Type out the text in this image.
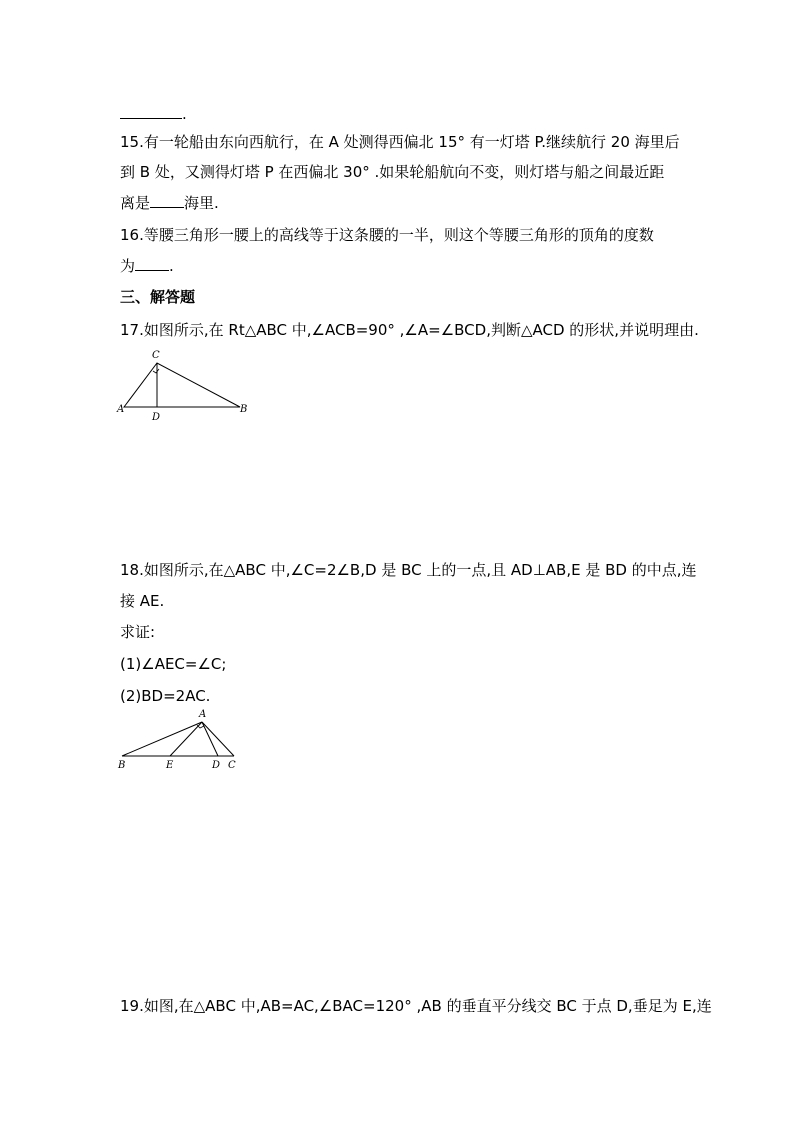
.
15.有一轮船由东向西航行，在 A 处测得西偏北 15° 有一灯塔 P.继续航行 20 海里后
到 B 处，又测得灯塔 P 在西偏北 30° .如果轮船航向不变，则灯塔与船之间最近距
离是 海里.
16.等腰三角形一腰上的高线等于这条腰的一半，则这个等腰三角形的顶角的度数
为 .
三、解答题
17.如图所示,在 Rt△ABC 中,∠ACB=90° ,∠A=∠BCD,判断△ACD 的形状,并说明理由.
C
A
D
B
18.如图所示,在△ABC 中,∠C=2∠B,D 是 BC 上的一点,且 AD⊥AB,E 是 BD 的中点,连
接 AE.
求证:
(1)∠AEC=∠C;
(2)BD=2AC.
A
B	E	D C
19.如图,在△ABC 中,AB=AC,∠BAC=120° ,AB 的垂直平分线交 BC 于点 D,垂足为 E,连
